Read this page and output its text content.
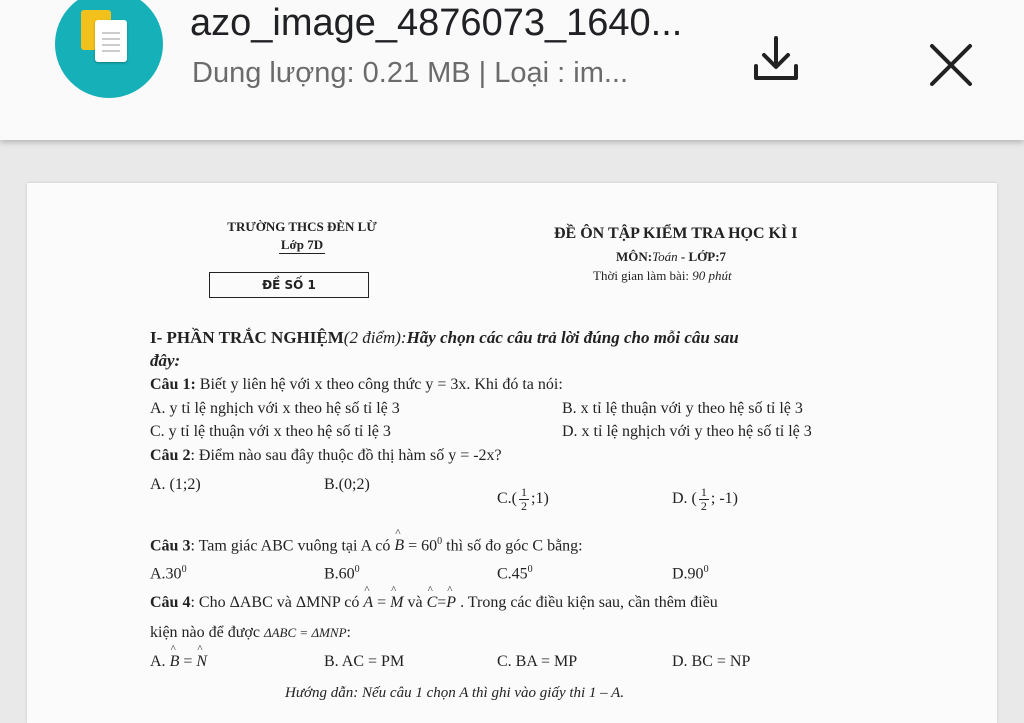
azo_image_4876073_1640...
Dung lượng: 0.21 MB | Loại : im...
TRƯỜNG THCS ĐÈN LỪ
Lớp 7D
ĐỀ SỐ 1
ĐỀ ÔN TẬP KIỂM TRA HỌC KÌ I
MÔN:Toán - LỚP:7
Thời gian làm bài: 90 phút
I- PHẦN TRẮC NGHIỆM(2 điểm):Hãy chọn các câu trả lời đúng cho mỗi câu sau
đây:
Câu 1: Biết y liên hệ với x theo công thức y = 3x. Khi đó ta nói:
A. y tỉ lệ nghịch với x theo hệ số tỉ lệ 3	B. x tỉ lệ thuận với y theo hệ số tỉ lệ 3
C. y tỉ lệ thuận với x theo hệ số tỉ lệ 3	D. x tỉ lệ nghịch với y theo hệ số tỉ lệ 3
Câu 2: Điểm nào sau đây thuộc đồ thị hàm số y = -2x?
A. (1;2)	B.(0;2)
$C.( \frac{1}{2}$ ;1)	D. ( $\frac{1}{2}$ ; -1)
Câu 3: Tam giác ABC vuông tại A có ^ $B = 60^0$ thì số đo góc C bằng:
$A.30^0$	$B.60^0$	$C.45^0$	$D.90^0$
Câu 4: Cho ΔABC và ΔMNP có ^ A = ^ M và ^ C=^ P . Trong các điều kiện sau, cần thêm điều
kiện nào để được ΔABC = ΔMNP:
A. ^ B = ^ N	B. AC = PM	C. BA = MP	D. BC = NP
Hướng dẫn: Nếu câu 1 chọn A thì ghi vào giấy thi 1 – A.
